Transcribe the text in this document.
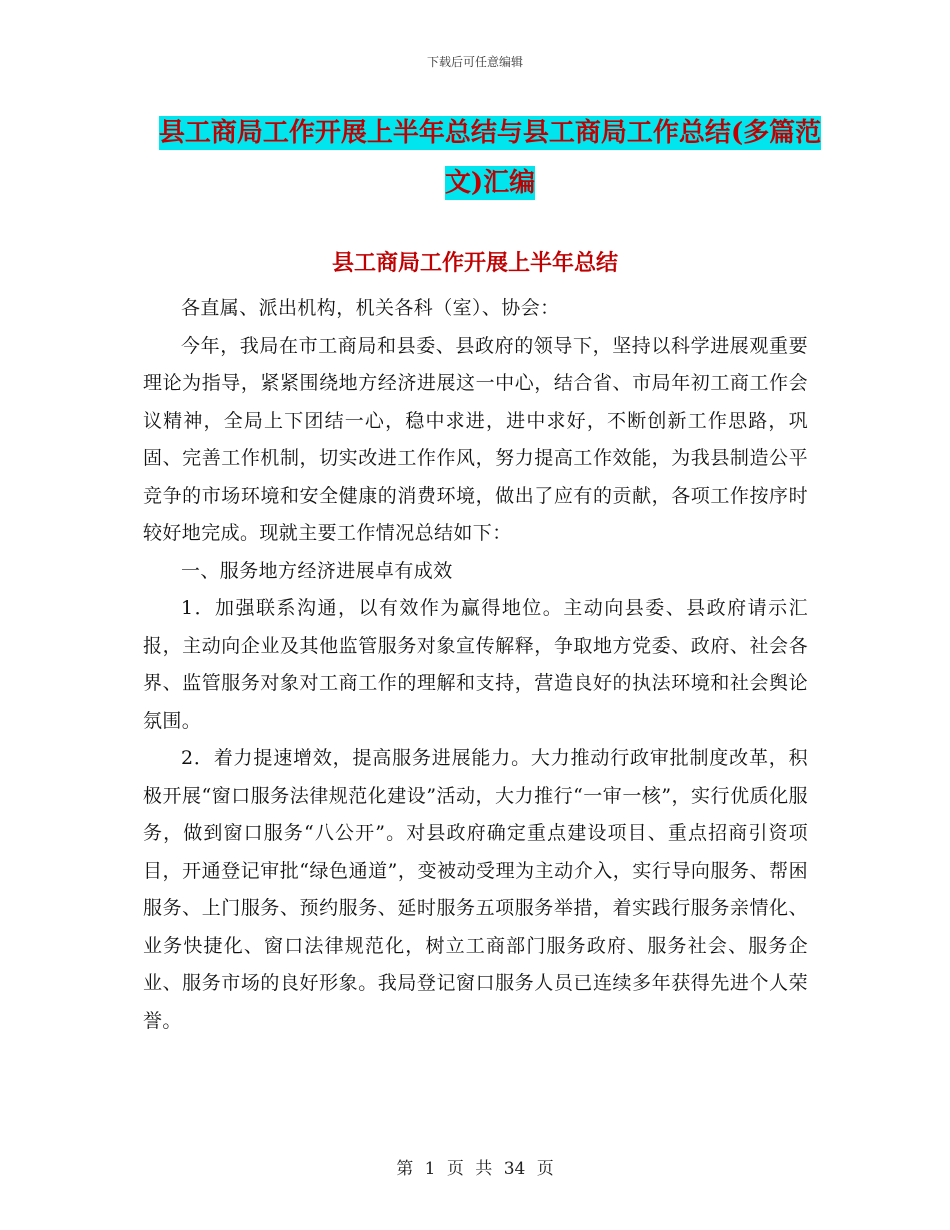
下载后可任意编辑
县工商局工作开展上半年总结与县工商局工作总结(多篇范文)汇编
县工商局工作开展上半年总结

各直属、派出机构，机关各科（室）、协会：

今年，我局在市工商局和县委、县政府的领导下，坚持以科学进展观重要理论为指导，紧紧围绕地方经济进展这一中心，结合省、市局年初工商工作会议精神，全局上下团结一心，稳中求进，进中求好，不断创新工作思路，巩固、完善工作机制，切实改进工作作风，努力提高工作效能，为我县制造公平竞争的市场环境和安全健康的消费环境，做出了应有的贡献，各项工作按序时较好地完成。现就主要工作情况总结如下：

一、服务地方经济进展卓有成效

1．加强联系沟通，以有效作为赢得地位。主动向县委、县政府请示汇报，主动向企业及其他监管服务对象宣传解释，争取地方党委、政府、社会各界、监管服务对象对工商工作的理解和支持，营造良好的执法环境和社会舆论氛围。

2．着力提速增效，提高服务进展能力。大力推动行政审批制度改革，积极开展“窗口服务法律规范化建设”活动，大力推行“一审一核”，实行优质化服务，做到窗口服务“八公开”。对县政府确定重点建设项目、重点招商引资项目，开通登记审批“绿色通道”，变被动受理为主动介入，实行导向服务、帮困服务、上门服务、预约服务、延时服务五项服务举措，着实践行服务亲情化、业务快捷化、窗口法律规范化，树立工商部门服务政府、服务社会、服务企业、服务市场的良好形象。我局登记窗口服务人员已连续多年获得先进个人荣誉。

第 1 页 共 34 页
